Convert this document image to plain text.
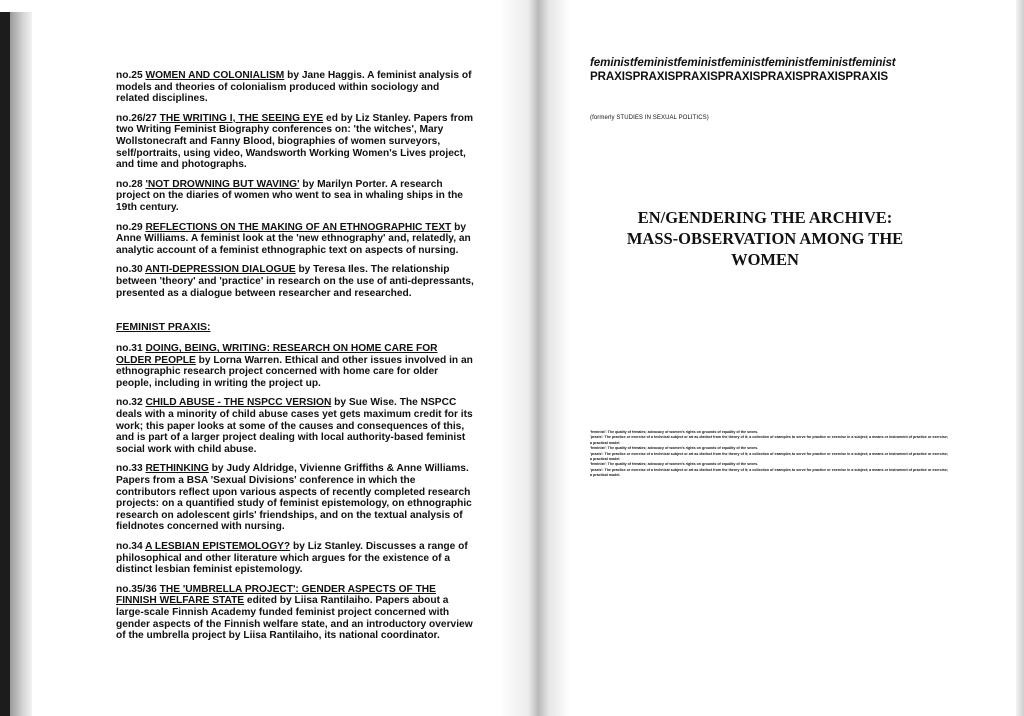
no.25 WOMEN AND COLONIALISM by Jane Haggis. A feminist analysis of models and theories of colonialism produced within sociology and related disciplines.

no.26/27 THE WRITING I, THE SEEING EYE ed by Liz Stanley. Papers from two Writing Feminist Biography conferences on: 'the witches', Mary Wollstonecraft and Fanny Blood, biographies of women surveyors, self/portraits, using video, Wandsworth Working Women's Lives project, and time and photographs.

no.28 'NOT DROWNING BUT WAVING' by Marilyn Porter. A research project on the diaries of women who went to sea in whaling ships in the 19th century.

no.29 REFLECTIONS ON THE MAKING OF AN ETHNOGRAPHIC TEXT by Anne Williams. A feminist look at the 'new ethnography' and, relatedly, an analytic account of a feminist ethnographic text on aspects of nursing.

no.30 ANTI-DEPRESSION DIALOGUE by Teresa Iles. The relationship between 'theory' and 'practice' in research on the use of anti-depressants, presented as a dialogue between researcher and researched.

FEMINIST PRAXIS:

no.31 DOING, BEING, WRITING: RESEARCH ON HOME CARE FOR OLDER PEOPLE by Lorna Warren. Ethical and other issues involved in an ethnographic research project concerned with home care for older people, including in writing the project up.

no.32 CHILD ABUSE - THE NSPCC VERSION by Sue Wise. The NSPCC deals with a minority of child abuse cases yet gets maximum credit for its work; this paper looks at some of the causes and consequences of this, and is part of a larger project dealing with local authority-based feminist social work with child abuse.

no.33 RETHINKING by Judy Aldridge, Vivienne Griffiths & Anne Williams. Papers from a BSA 'Sexual Divisions' conference in which the contributors reflect upon various aspects of recently completed research projects: on a quantified study of feminist epistemology, on ethnographic research on adolescent girls' friendships, and on the textual analysis of fieldnotes concerned with nursing.

no.34 A LESBIAN EPISTEMOLOGY? by Liz Stanley. Discusses a range of philosophical and other literature which argues for the existence of a distinct lesbian feminist epistemology.

no.35/36 THE 'UMBRELLA PROJECT': GENDER ASPECTS OF THE FINNISH WELFARE STATE edited by Liisa Rantilaiho. Papers about a large-scale Finnish Academy funded feminist project concerned with gender aspects of the Finnish welfare state, and an introductory overview of the umbrella project by Liisa Rantilaiho, its national coordinator.

feministfeministfeministfeministfeministfeministfeminist
PRAXISPRAXISPRAXISPRAXISPRAXISPRAXISPRAXIS
(formerly STUDIES IN SEXUAL POLITICS)
EN/GENDERING THE ARCHIVE: MASS-OBSERVATION AMONG THE WOMEN
'feminist': The quality of females; advocacy of women's rights on grounds of equality of the sexes.
'praxis': The practice or exercise of a technical subject or art as distinct from the theory of it; a collection of examples to serve for practice or exercise in a subject; a means or instrument of practice or exercise; a practical model.
'feminist': The quality of females; advocacy of women's rights on grounds of equality of the sexes.
'praxis': The practice or exercise of a technical subject or art as distinct from the theory of it; a collection of examples to serve for practice or exercise in a subject; a means or instrument of practice or exercise; a practical model.
'feminist': The quality of females; advocacy of women's rights on grounds of equality of the sexes.
'praxis': The practice or exercise of a technical subject or art as distinct from the theory of it; a collection of examples to serve for practice or exercise in a subject; a means or instrument of practice or exercise; a practical model.
